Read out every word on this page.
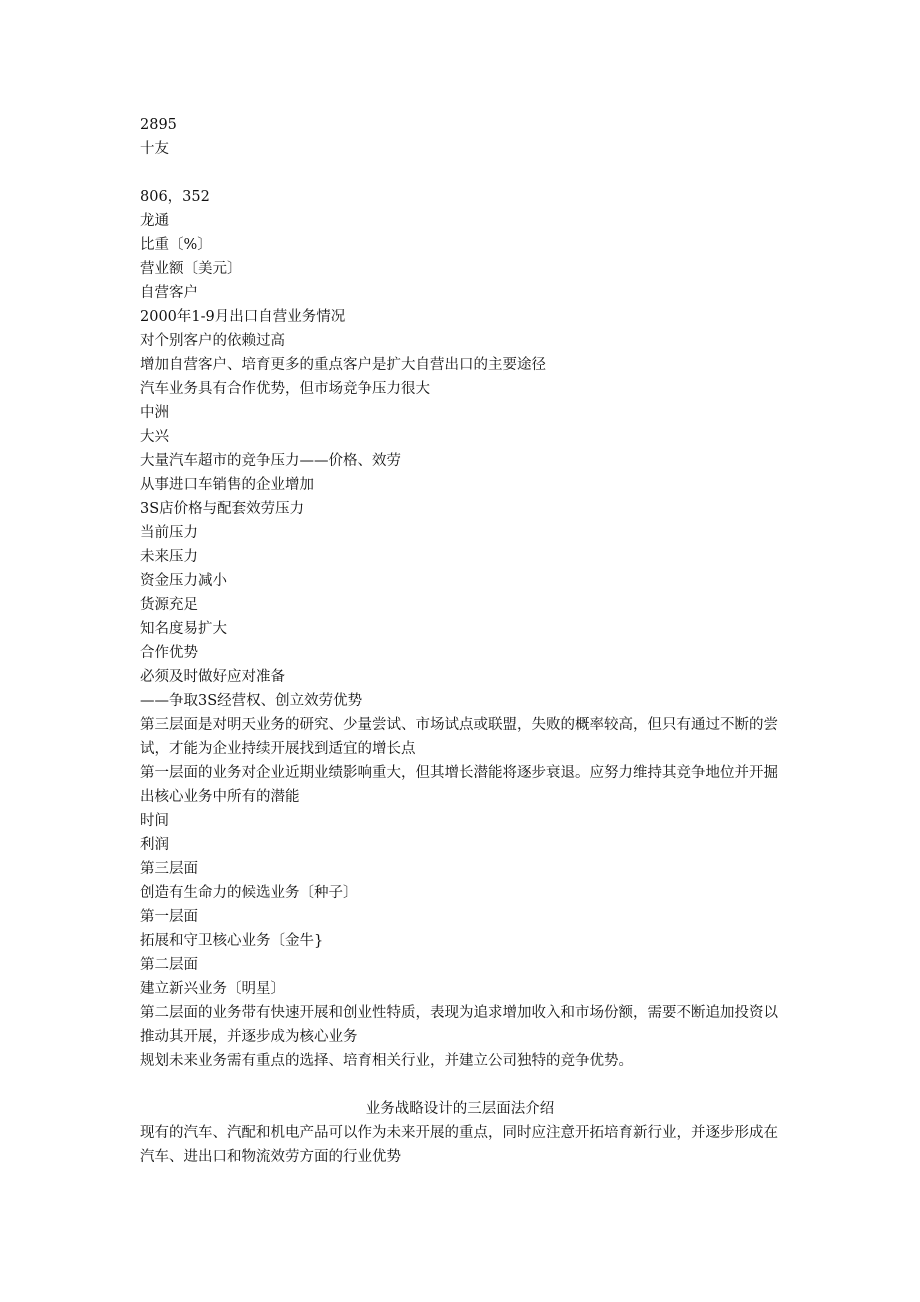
2895
十友
806，352
龙通
比重〔%〕
营业额〔美元〕
自营客户
2000年1-9月出口自营业务情况
对个别客户的依赖过高
增加自营客户、培育更多的重点客户是扩大自营出口的主要途径
汽车业务具有合作优势，但市场竞争压力很大
中洲
大兴
大量汽车超市的竞争压力——价格、效劳
从事进口车销售的企业增加
3S店价格与配套效劳压力
当前压力
未来压力
资金压力减小
货源充足
知名度易扩大
合作优势
必须及时做好应对准备
——争取3S经营权、创立效劳优势
第三层面是对明天业务的研究、少量尝试、市场试点或联盟，失败的概率较高，但只有通过不断的尝试，才能为企业持续开展找到适宜的增长点
第一层面的业务对企业近期业绩影响重大，但其增长潜能将逐步衰退。应努力维持其竞争地位并开掘出核心业务中所有的潜能
时间
利润
第三层面
创造有生命力的候选业务〔种子〕
第一层面
拓展和守卫核心业务〔金牛}
第二层面
建立新兴业务〔明星〕
第二层面的业务带有快速开展和创业性特质，表现为追求增加收入和市场份额，需要不断追加投资以推动其开展，并逐步成为核心业务
规划未来业务需有重点的选择、培育相关行业，并建立公司独特的竞争优势。
业务战略设计的三层面法介绍
现有的汽车、汽配和机电产品可以作为未来开展的重点，同时应注意开拓培育新行业，并逐步形成在汽车、进出口和物流效劳方面的行业优势
